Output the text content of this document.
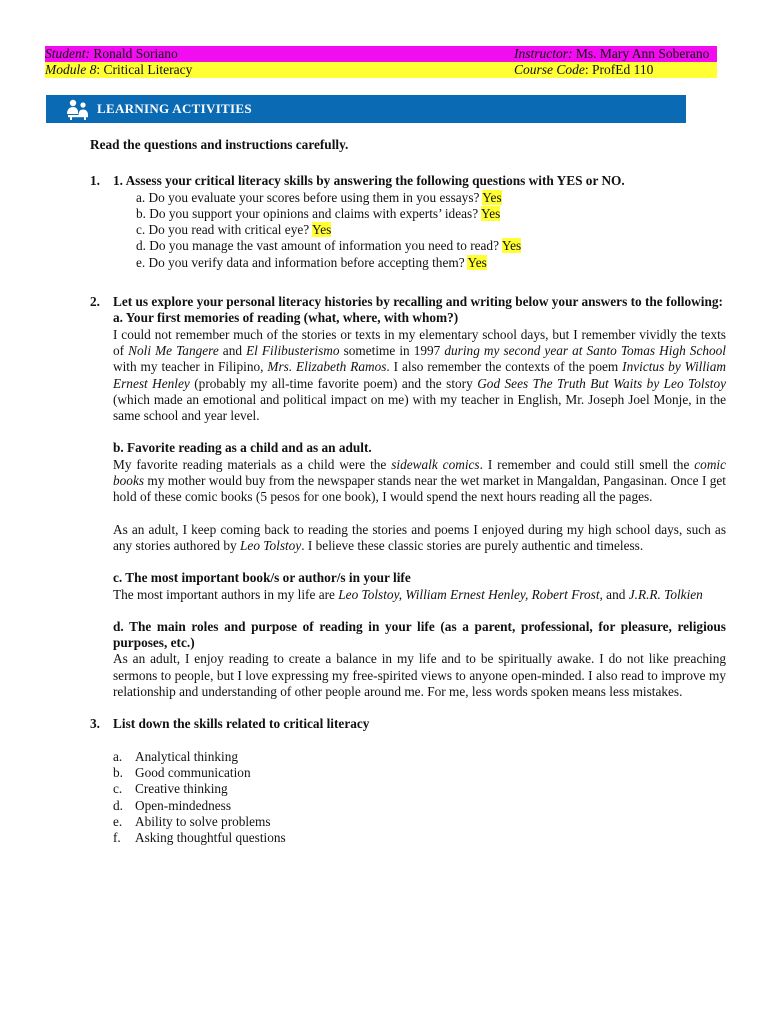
Student: Ronald Soriano	Instructor: Ms. Mary Ann Soberano
Module 8: Critical Literacy	Course Code: ProfEd 110
LEARNING ACTIVITIES

Read the questions and instructions carefully.

1. 1. Assess your critical literacy skills by answering the following questions with YES or NO.

a. Do you evaluate your scores before using them in you essays? Yes

b. Do you support your opinions and claims with experts’ ideas? Yes

c. Do you read with critical eye? Yes

d. Do you manage the vast amount of information you need to read? Yes

e. Do you verify data and information before accepting them? Yes

2. Let us explore your personal literacy histories by recalling and writing below your answers to the following:

a. Your first memories of reading (what, where, with whom?)

I could not remember much of the stories or texts in my elementary school days, but I remember vividly the texts of Noli Me Tangere and El Filibusterismo sometime in 1997 during my second year at Santo Tomas High School with my teacher in Filipino, Mrs. Elizabeth Ramos. I also remember the contexts of the poem Invictus by William Ernest Henley (probably my all-time favorite poem) and the story God Sees The Truth But Waits by Leo Tolstoy (which made an emotional and political impact on me) with my teacher in English, Mr. Joseph Joel Monje, in the same school and year level.

b. Favorite reading as a child and as an adult.

My favorite reading materials as a child were the sidewalk comics. I remember and could still smell the comic books my mother would buy from the newspaper stands near the wet market in Mangaldan, Pangasinan. Once I get hold of these comic books (5 pesos for one book), I would spend the next hours reading all the pages.

As an adult, I keep coming back to reading the stories and poems I enjoyed during my high school days, such as any stories authored by Leo Tolstoy. I believe these classic stories are purely authentic and timeless.

c. The most important book/s or author/s in your life

The most important authors in my life are Leo Tolstoy, William Ernest Henley, Robert Frost, and J.R.R. Tolkien

d. The main roles and purpose of reading in your life (as a parent, professional, for pleasure, religious purposes, etc.)

As an adult, I enjoy reading to create a balance in my life and to be spiritually awake. I do not like preaching sermons to people, but I love expressing my free-spirited views to anyone open-minded. I also read to improve my relationship and understanding of other people around me. For me, less words spoken means less mistakes.

3. List down the skills related to critical literacy

a. Analytical thinking
b. Good communication
c. Creative thinking
d. Open-mindedness
e. Ability to solve problems
f. Asking thoughtful questions
